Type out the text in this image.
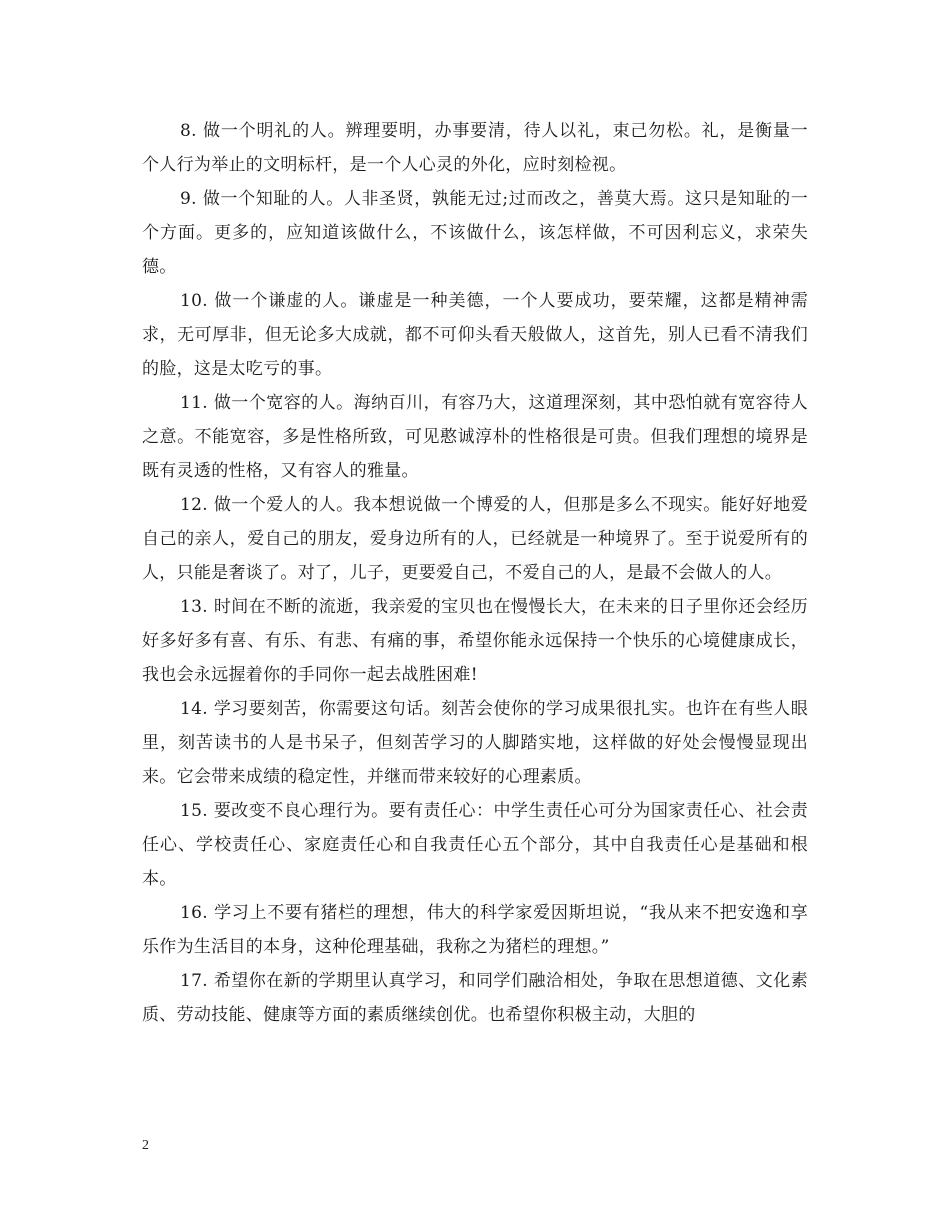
8. 做一个明礼的人。辨理要明，办事要清，待人以礼，束己勿松。礼，是衡量一个人行为举止的文明标杆，是一个人心灵的外化，应时刻检视。

9. 做一个知耻的人。人非圣贤，孰能无过;过而改之，善莫大焉。这只是知耻的一个方面。更多的，应知道该做什么，不该做什么，该怎样做，不可因利忘义，求荣失德。

10. 做一个谦虚的人。谦虚是一种美德，一个人要成功，要荣耀，这都是精神需求，无可厚非，但无论多大成就，都不可仰头看天般做人，这首先，别人已看不清我们的脸，这是太吃亏的事。

11. 做一个宽容的人。海纳百川，有容乃大，这道理深刻，其中恐怕就有宽容待人之意。不能宽容，多是性格所致，可见憨诚淳朴的性格很是可贵。但我们理想的境界是既有灵透的性格，又有容人的雅量。

12. 做一个爱人的人。我本想说做一个博爱的人，但那是多么不现实。能好好地爱自己的亲人，爱自己的朋友，爱身边所有的人，已经就是一种境界了。至于说爱所有的人，只能是奢谈了。对了，儿子，更要爱自己，不爱自己的人，是最不会做人的人。

13. 时间在不断的流逝，我亲爱的宝贝也在慢慢长大，在未来的日子里你还会经历好多好多有喜、有乐、有悲、有痛的事，希望你能永远保持一个快乐的心境健康成长，我也会永远握着你的手同你一起去战胜困难!

14. 学习要刻苦，你需要这句话。刻苦会使你的学习成果很扎实。也许在有些人眼里，刻苦读书的人是书呆子，但刻苦学习的人脚踏实地，这样做的好处会慢慢显现出来。它会带来成绩的稳定性，并继而带来较好的心理素质。

15. 要改变不良心理行为。要有责任心：中学生责任心可分为国家责任心、社会责任心、学校责任心、家庭责任心和自我责任心五个部分，其中自我责任心是基础和根本。

16. 学习上不要有猪栏的理想，伟大的科学家爱因斯坦说，“我从来不把安逸和享乐作为生活目的本身，这种伦理基础，我称之为猪栏的理想。”

17. 希望你在新的学期里认真学习，和同学们融洽相处，争取在思想道德、文化素质、劳动技能、健康等方面的素质继续创优。也希望你积极主动，大胆的

2
